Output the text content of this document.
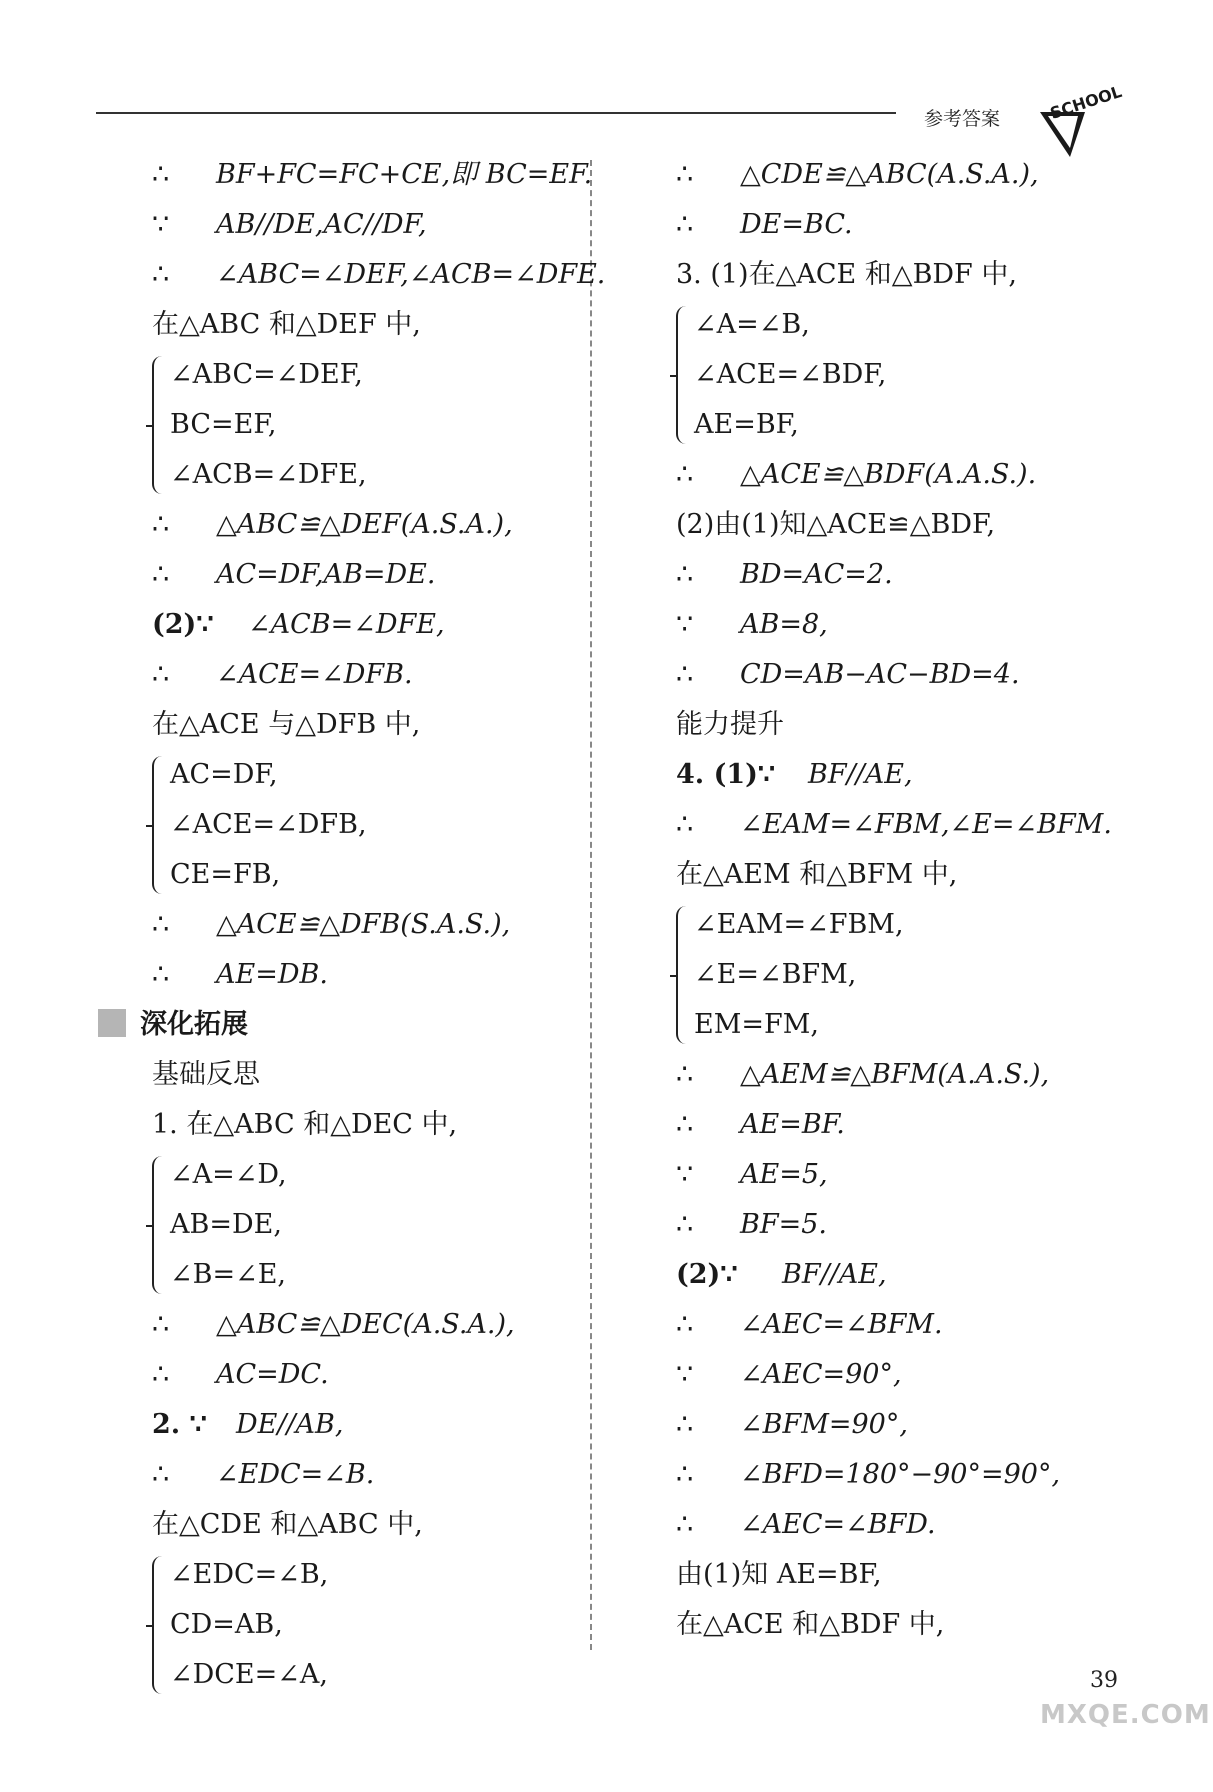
参考答案	SCHOOL
∴ BF+FC=FC+CE,即 BC=EF.
∵ AB//DE,AC//DF,
∴ ∠ABC=∠DEF,∠ACB=∠DFE.
在△ABC 和△DEF 中,
∠ABC=∠DEF,
BC=EF,
∠ACB=∠DFE,
∴ △ABC≌△DEF(A.S.A.),
∴ AC=DF,AB=DE.
(2)∵ ∠ACB=∠DFE,
∴ ∠ACE=∠DFB.
在△ACE 与△DFB 中,
AC=DF,
∠ACE=∠DFB,
CE=FB,
∴ △ACE≌△DFB(S.A.S.),
∴ AE=DB.
深化拓展
基础反思
1. 在△ABC 和△DEC 中,
∠A=∠D,
AB=DE,
∠B=∠E,
∴ △ABC≌△DEC(A.S.A.),
∴ AC=DC.
2. ∵ DE//AB,
∴ ∠EDC=∠B.
在△CDE 和△ABC 中,
∠EDC=∠B,
CD=AB,
∠DCE=∠A,
∴ △CDE≌△ABC(A.S.A.),
∴ DE=BC.
3. (1)在△ACE 和△BDF 中,
∠A=∠B,
∠ACE=∠BDF,
AE=BF,
∴ △ACE≌△BDF(A.A.S.).
(2)由(1)知△ACE≌△BDF,
∴ BD=AC=2.
∵ AB=8,
∴ CD=AB−AC−BD=4.
能力提升
4. (1)∵ BF//AE,
∴ ∠EAM=∠FBM,∠E=∠BFM.
在△AEM 和△BFM 中,
∠EAM=∠FBM,
∠E=∠BFM,
EM=FM,
∴ △AEM≌△BFM(A.A.S.),
∴ AE=BF.
∵ AE=5,
∴ BF=5.
(2)∵ BF//AE,
∴ ∠AEC=∠BFM.
∵ ∠AEC=90°,
∴ ∠BFM=90°,
∴ ∠BFD=180°−90°=90°,
∴ ∠AEC=∠BFD.
由(1)知 AE=BF,
在△ACE 和△BDF 中,
39
MXQE.COM
